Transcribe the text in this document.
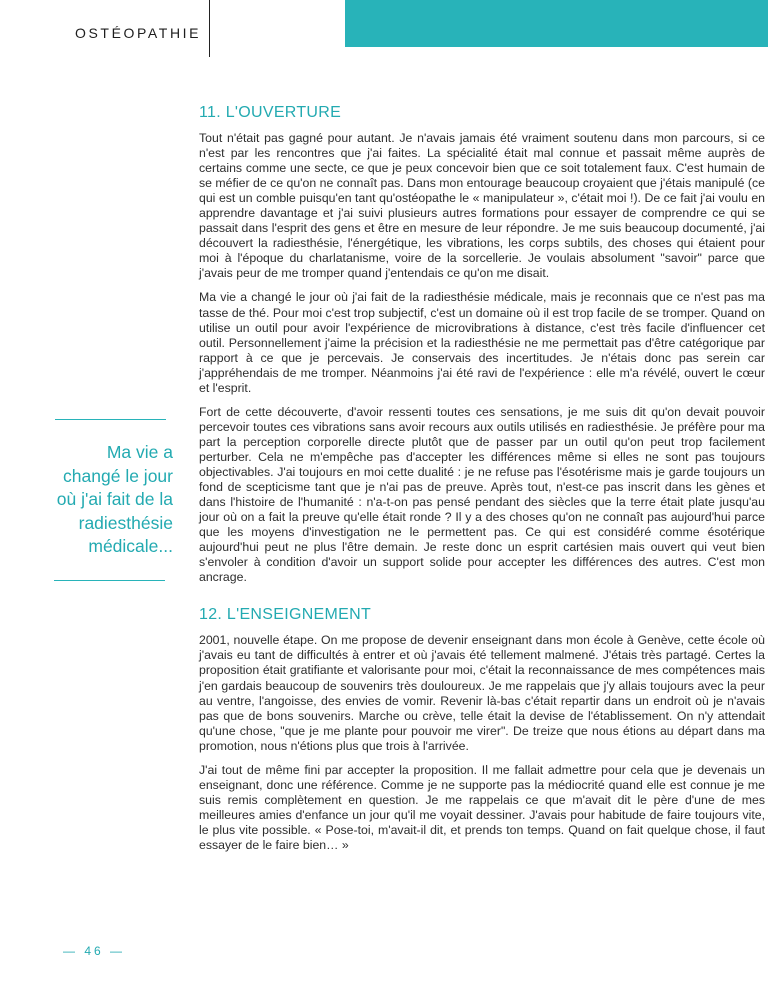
OSTÉOPATHIE
11. L'OUVERTURE

Tout n'était pas gagné pour autant. Je n'avais jamais été vraiment soutenu dans mon parcours, si ce n'est par les rencontres que j'ai faites. La spécialité était mal connue et passait même auprès de certains comme une secte, ce que je peux concevoir bien que ce soit totalement faux. C'est humain de se méfier de ce qu'on ne connaît pas. Dans mon entourage beaucoup croyaient que j'étais manipulé (ce qui est un comble puisqu'en tant qu'ostéopathe le « manipulateur », c'était moi !). De ce fait j'ai voulu en apprendre davantage et j'ai suivi plusieurs autres formations pour essayer de comprendre ce qui se passait dans l'esprit des gens et être en mesure de leur répondre. Je me suis beaucoup documenté, j'ai découvert la radiesthésie, l'énergétique, les vibrations, les corps subtils, des choses qui étaient pour moi à l'époque du charlatanisme, voire de la sorcellerie. Je voulais absolument "savoir" parce que j'avais peur de me tromper quand j'entendais ce qu'on me disait.

Ma vie a changé le jour où j'ai fait de la radiesthésie médicale, mais je reconnais que ce n'est pas ma tasse de thé. Pour moi c'est trop subjectif, c'est un domaine où il est trop facile de se tromper. Quand on utilise un outil pour avoir l'expérience de microvibrations à distance, c'est très facile d'influencer cet outil. Personnellement j'aime la précision et la radiesthésie ne me permettait pas d'être catégorique par rapport à ce que je percevais. Je conservais des incertitudes. Je n'étais donc pas serein car j'appréhendais de me tromper. Néanmoins j'ai été ravi de l'expérience : elle m'a révélé, ouvert le cœur et l'esprit.

Fort de cette découverte, d'avoir ressenti toutes ces sensations, je me suis dit qu'on devait pouvoir percevoir toutes ces vibrations sans avoir recours aux outils utilisés en radiesthésie. Je préfère pour ma part la perception corporelle directe plutôt que de passer par un outil qu'on peut trop facilement perturber. Cela ne m'empêche pas d'accepter les différences même si elles ne sont pas toujours objectivables. J'ai toujours en moi cette dualité : je ne refuse pas l'ésotérisme mais je garde toujours un fond de scepticisme tant que je n'ai pas de preuve. Après tout, n'est-ce pas inscrit dans les gènes et dans l'histoire de l'humanité : n'a-t-on pas pensé pendant des siècles que la terre était plate jusqu'au jour où on a fait la preuve qu'elle était ronde ? Il y a des choses qu'on ne connaît pas aujourd'hui parce que les moyens d'investigation ne le permettent pas. Ce qui est considéré comme ésotérique aujourd'hui peut ne plus l'être demain. Je reste donc un esprit cartésien mais ouvert qui veut bien s'envoler à condition d'avoir un support solide pour accepter les différences des autres. C'est mon ancrage.

12. L'ENSEIGNEMENT

2001, nouvelle étape. On me propose de devenir enseignant dans mon école à Genève, cette école où j'avais eu tant de difficultés à entrer et où j'avais été tellement malmené. J'étais très partagé. Certes la proposition était gratifiante et valorisante pour moi, c'était la reconnaissance de mes compétences mais j'en gardais beaucoup de souvenirs très douloureux. Je me rappelais que j'y allais toujours avec la peur au ventre, l'angoisse, des envies de vomir. Revenir là-bas c'était repartir dans un endroit où je n'avais pas que de bons souvenirs. Marche ou crève, telle était la devise de l'établissement. On n'y attendait qu'une chose, "que je me plante pour pouvoir me virer". De treize que nous étions au départ dans ma promotion, nous n'étions plus que trois à l'arrivée.

J'ai tout de même fini par accepter la proposition. Il me fallait admettre pour cela que je devenais un enseignant, donc une référence. Comme je ne supporte pas la médiocrité quand elle est connue je me suis remis complètement en question. Je me rappelais ce que m'avait dit le père d'une de mes meilleures amies d'enfance un jour qu'il me voyait dessiner. J'avais pour habitude de faire toujours vite, le plus vite possible. « Pose-toi, m'avait-il dit, et prends ton temps. Quand on fait quelque chose, il faut essayer de le faire bien… »

Ma vie a changé le jour où j'ai fait de la radiesthésie médicale...
— 46 —
